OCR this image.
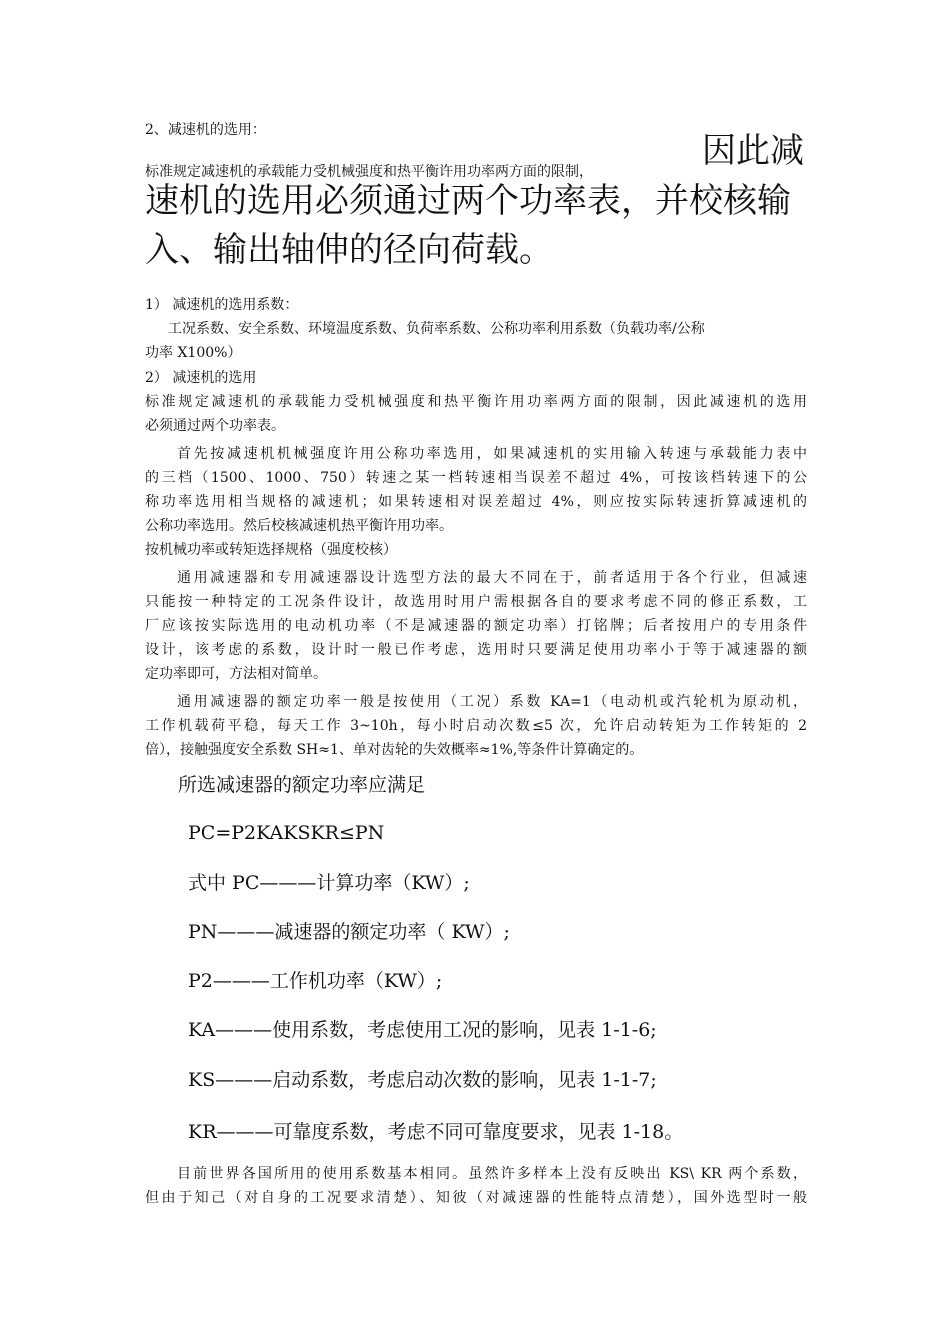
2、减速机的选用：
标准规定减速机的承载能力受机械强度和热平衡许用功率两方面的限制，
因此减
速机的选用必须通过两个功率表，并校核输
入、输出轴伸的径向荷载。
1） 减速机的选用系数：
工况系数、安全系数、环境温度系数、负荷率系数、公称功率利用系数（负载功率/公称
功率 X100%）
2） 减速机的选用
标准规定减速机的承载能力受机械强度和热平衡许用功率两方面的限制，因此减速机的选用
必须通过两个功率表。
首先按减速机机械强度许用公称功率选用，如果减速机的实用输入转速与承载能力表中
的三档（1500、1000、750）转速之某一档转速相当误差不超过 4%，可按该档转速下的公
称功率选用相当规格的减速机；如果转速相对误差超过 4%，则应按实际转速折算减速机的
公称功率选用。然后校核减速机热平衡许用功率。
按机械功率或转矩选择规格（强度校核）
通用减速器和专用减速器设计选型方法的最大不同在于，前者适用于各个行业，但减速
只能按一种特定的工况条件设计，故选用时用户需根据各自的要求考虑不同的修正系数，工
厂应该按实际选用的电动机功率（不是减速器的额定功率）打铭牌；后者按用户的专用条件
设计，该考虑的系数，设计时一般已作考虑，选用时只要满足使用功率小于等于减速器的额
定功率即可，方法相对简单。
通用减速器的额定功率一般是按使用（工况）系数 KA=1（电动机或汽轮机为原动机，
工作机载荷平稳，每天工作 3~10h，每小时启动次数≤5 次，允许启动转矩为工作转矩的 2
倍），接触强度安全系数 SH≈1、单对齿轮的失效概率≈1%,等条件计算确定的。
所选减速器的额定功率应满足
PC=P2KAKSKR≤PN
式中 PC———计算功率（KW）;
PN———减速器的额定功率（ KW）;
P2———工作机功率（KW）;
KA———使用系数，考虑使用工况的影响，见表 1-1-6;
KS———启动系数，考虑启动次数的影响，见表 1-1-7;
KR———可靠度系数，考虑不同可靠度要求，见表 1-18。
目前世界各国所用的使用系数基本相同。虽然许多样本上没有反映出 KS\ KR 两个系数，
但由于知己（对自身的工况要求清楚）、知彼（对减速器的性能特点清楚），国外选型时一般
